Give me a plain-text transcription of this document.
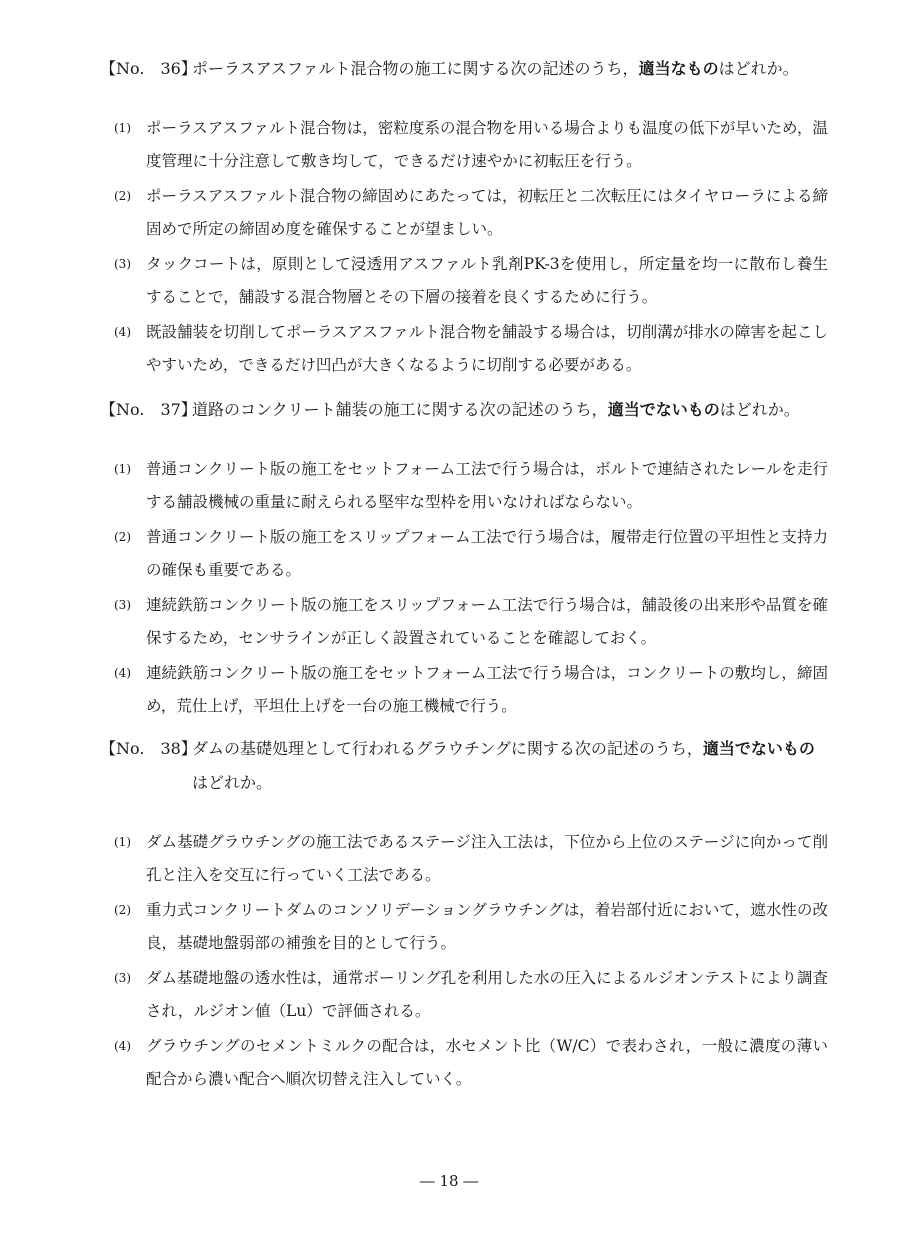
【No.　36】
ポーラスアスファルト混合物の施工に関する次の記述のうち，適当なものはどれか。
(1) ポーラスアスファルト混合物は，密粒度系の混合物を用いる場合よりも温度の低下が早いため，温度管理に十分注意して敷き均して，できるだけ速やかに初転圧を行う。
(2) ポーラスアスファルト混合物の締固めにあたっては，初転圧と二次転圧にはタイヤローラによる締固めで所定の締固め度を確保することが望ましい。
(3) タックコートは，原則として浸透用アスファルト乳剤PK-3を使用し，所定量を均一に散布し養生することで，舗設する混合物層とその下層の接着を良くするために行う。
(4) 既設舗装を切削してポーラスアスファルト混合物を舗設する場合は，切削溝が排水の障害を起こしやすいため，できるだけ凹凸が大きくなるように切削する必要がある。
【No.　37】
道路のコンクリート舗装の施工に関する次の記述のうち，適当でないものはどれか。
(1) 普通コンクリート版の施工をセットフォーム工法で行う場合は，ボルトで連結されたレールを走行する舗設機械の重量に耐えられる堅牢な型枠を用いなければならない。
(2) 普通コンクリート版の施工をスリップフォーム工法で行う場合は，履帯走行位置の平坦性と支持力の確保も重要である。
(3) 連続鉄筋コンクリート版の施工をスリップフォーム工法で行う場合は，舗設後の出来形や品質を確保するため，センサラインが正しく設置されていることを確認しておく。
(4) 連続鉄筋コンクリート版の施工をセットフォーム工法で行う場合は，コンクリートの敷均し，締固め，荒仕上げ，平坦仕上げを一台の施工機械で行う。
【No.　38】
ダムの基礎処理として行われるグラウチングに関する次の記述のうち，適当でないものはどれか。
(1) ダム基礎グラウチングの施工法であるステージ注入工法は，下位から上位のステージに向かって削孔と注入を交互に行っていく工法である。
(2) 重力式コンクリートダムのコンソリデーショングラウチングは，着岩部付近において，遮水性の改良，基礎地盤弱部の補強を目的として行う。
(3) ダム基礎地盤の透水性は，通常ボーリング孔を利用した水の圧入によるルジオンテストにより調査され，ルジオン値（Lu）で評価される。
(4) グラウチングのセメントミルクの配合は，水セメント比（W/C）で表わされ，一般に濃度の薄い配合から濃い配合へ順次切替え注入していく。
― 18 ―
